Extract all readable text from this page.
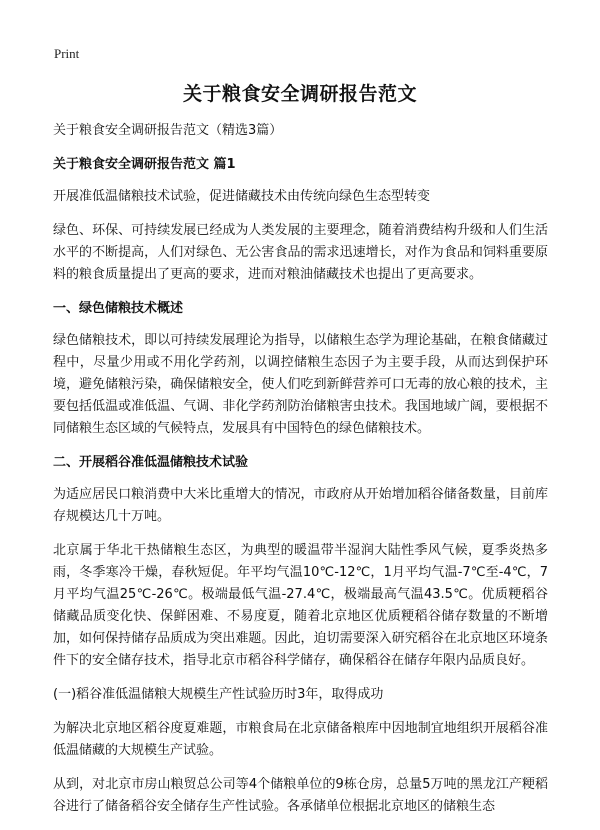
Print
关于粮食安全调研报告范文

关于粮食安全调研报告范文（精选3篇）

关于粮食安全调研报告范文 篇1

开展准低温储粮技术试验，促进储藏技术由传统向绿色生态型转变

绿色、环保、可持续发展已经成为人类发展的主要理念，随着消费结构升级和人们生活水平的不断提高，人们对绿色、无公害食品的需求迅速增长，对作为食品和饲料重要原料的粮食质量提出了更高的要求，进而对粮油储藏技术也提出了更高要求。

一、绿色储粮技术概述

绿色储粮技术，即以可持续发展理论为指导，以储粮生态学为理论基础，在粮食储藏过程中，尽量少用或不用化学药剂，以调控储粮生态因子为主要手段，从而达到保护环境，避免储粮污染，确保储粮安全，使人们吃到新鲜营养可口无毒的放心粮的技术，主要包括低温或准低温、气调、非化学药剂防治储粮害虫技术。我国地域广阔，要根据不同储粮生态区域的气候特点，发展具有中国特色的绿色储粮技术。

二、开展稻谷准低温储粮技术试验

为适应居民口粮消费中大米比重增大的情况，市政府从开始增加稻谷储备数量，目前库存规模达几十万吨。

北京属于华北干热储粮生态区，为典型的暖温带半湿润大陆性季风气候，夏季炎热多雨，冬季寒冷干燥，春秋短促。年平均气温10℃-12℃，1月平均气温-7℃至-4℃，7月平均气温25℃-26℃。极端最低气温-27.4℃，极端最高气温43.5℃。优质粳稻谷储藏品质变化快、保鲜困难、不易度夏，随着北京地区优质粳稻谷储存数量的不断增加，如何保持储存品质成为突出难题。因此，迫切需要深入研究稻谷在北京地区环境条件下的安全储存技术，指导北京市稻谷科学储存，确保稻谷在储存年限内品质良好。

(一)稻谷准低温储粮大规模生产性试验历时3年，取得成功

为解决北京地区稻谷度夏难题，市粮食局在北京储备粮库中因地制宜地组织开展稻谷准低温储藏的大规模生产试验。

从到，对北京市房山粮贸总公司等4个储粮单位的9栋仓房，总量5万吨的黑龙江产粳稻谷进行了储备稻谷安全储存生产性试验。各承储单位根据北京地区的储粮生态
